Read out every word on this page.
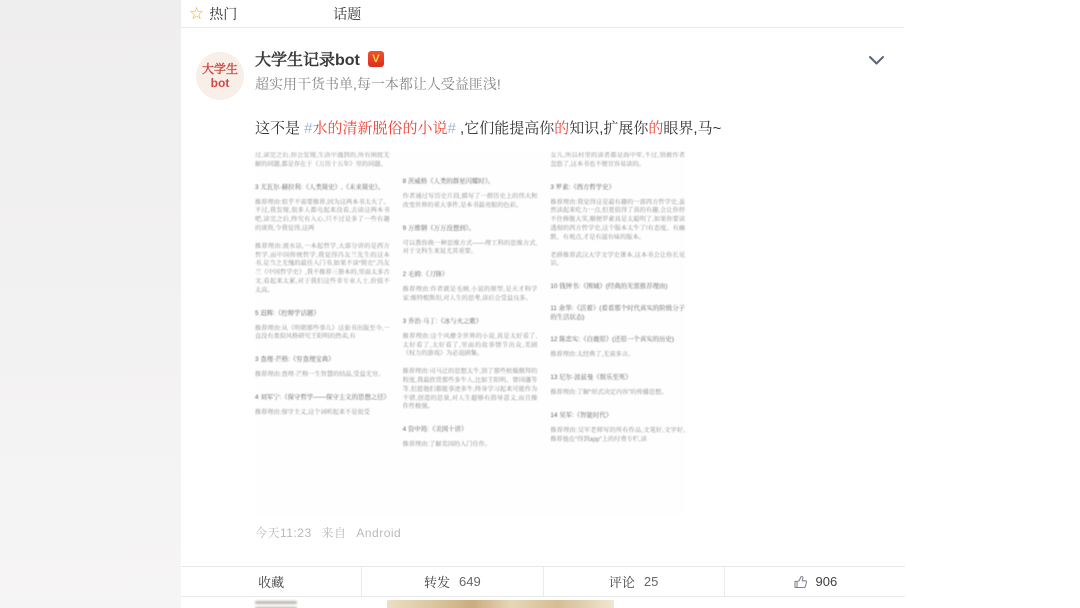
☆ 热门	话题
大学生
bot
大学生记录bot	V
超实用干货书单,每一本都让人受益匪浅!
这不是 #水的清新脱俗的小说# ,它们能提高你的知识,扩展你的眼界,马~
过,读完之后,你会发现,生活中遇到的,所有困扰无解的问题,都是存在于《万历十五年》里的问题。
3 尤瓦尔·赫拉利:《人类简史》,《未来简史》。
推荐理由:似乎不需要推荐,因为这两本书太火了。不过,我发现,很多人都屯起来没看,去读这两本书吧,读完之后,终究有入心,只不过是多了一些有趣的谈资,令我觉得,这两
推荐理由:流水话,一本起哲学,大部分讲的是西方哲学,而中国传统哲学,我觉得冯友兰先生的这本书,是当之无愧的最佳入门书,如果不读“简史”,冯友兰《中国哲学史》,我不推荐三册本的,里面太多古文,看起来太累,对于我们这些非专业人士,价值不太高。
5 迟辉:《控辩学话题》
推荐理由:从《明朝那些事儿》这套书出版至今,一直没有类似风格研究王阳明的热卖,有
3 查理·芒格:《穷查理宝典》
推荐理由:查理·芒格一生智慧的结晶,受益无穷。
4 刘军宁:《保守哲学——保守主义的思想之径》
推荐理由:保守主义,这个词听起来不是很受
8 茨威格《人类的群星闪耀时》。
作者通过写历史片段,描写了一群历史上的伟大和改变世界的重大事件,是本书最亮眼的色彩。
9 万维钢《万万没想到》。
可以教你换一种思维方式——理工科的思维方式,对于文科生来说尤其重要。
2 毛姆:《刀锋》
推荐理由:作者就是毛姆,小说的原型,是天才科学家:维特根斯坦,对人生的思考,读后会受益良多。
3 乔治·马丁:《冰与火之歌》
推荐理由:这个风靡全世界的小说,真是太好看了,太好看了,太好看了,里面的故事情节出众,美剧《权力的游戏》为必追剧集。
推荐理由:司马迁的思想太牛,别了那些枯燥膜拜的程度,我最欣赏那些多牛人,比如王阳明、曾国藩等等,但愿他们都能事迹多牛,终身学习起来可能作为不错,创造的思景,对人生超够有指导意义,而且操作性极强。
4 资中筠:《美国十讲》
推荐理由:了解美国的入门佳作。
女儿,所以村里的读者都是海中年,不过,别被作者忽悠了,这本书也不便宜容易读的。
3 罗素:《西方哲学史》
推荐理由:我觉得这是最有趣的一部西方哲学史,虽然读起来吃力一点,但更值得了真的有趣,会让你停不住捧腹大笑,顺便罗素真是太聪明了,如果你要读透彻的西方哲学史,这个版本太牛了!有态度、有幽默、有观点,才是有滋有味的版本。
老薛推荐武汉大学文学史课本,这本书会让你长见识。
10 钱钟书:《围城》(经典的无需推荐理由)
11 余华:《活着》(看看那个时代真实的阶级分子的生活状态)
12 陈忠实:《白鹿原》(还原一个真实的历史)
推荐理由:太经典了,无需多言。
13 尼尔·波兹曼《娱乐至死》
推荐理由:了解“形式决定内容”的传播思想。
14 吴军:《智能时代》
推荐理由:吴军老师写的所有作品,文笔好,文字好,推荐他在“得到app”上的付费专栏,读
今天11:23 来自 Android
收藏	转发 649	评论 25	906
